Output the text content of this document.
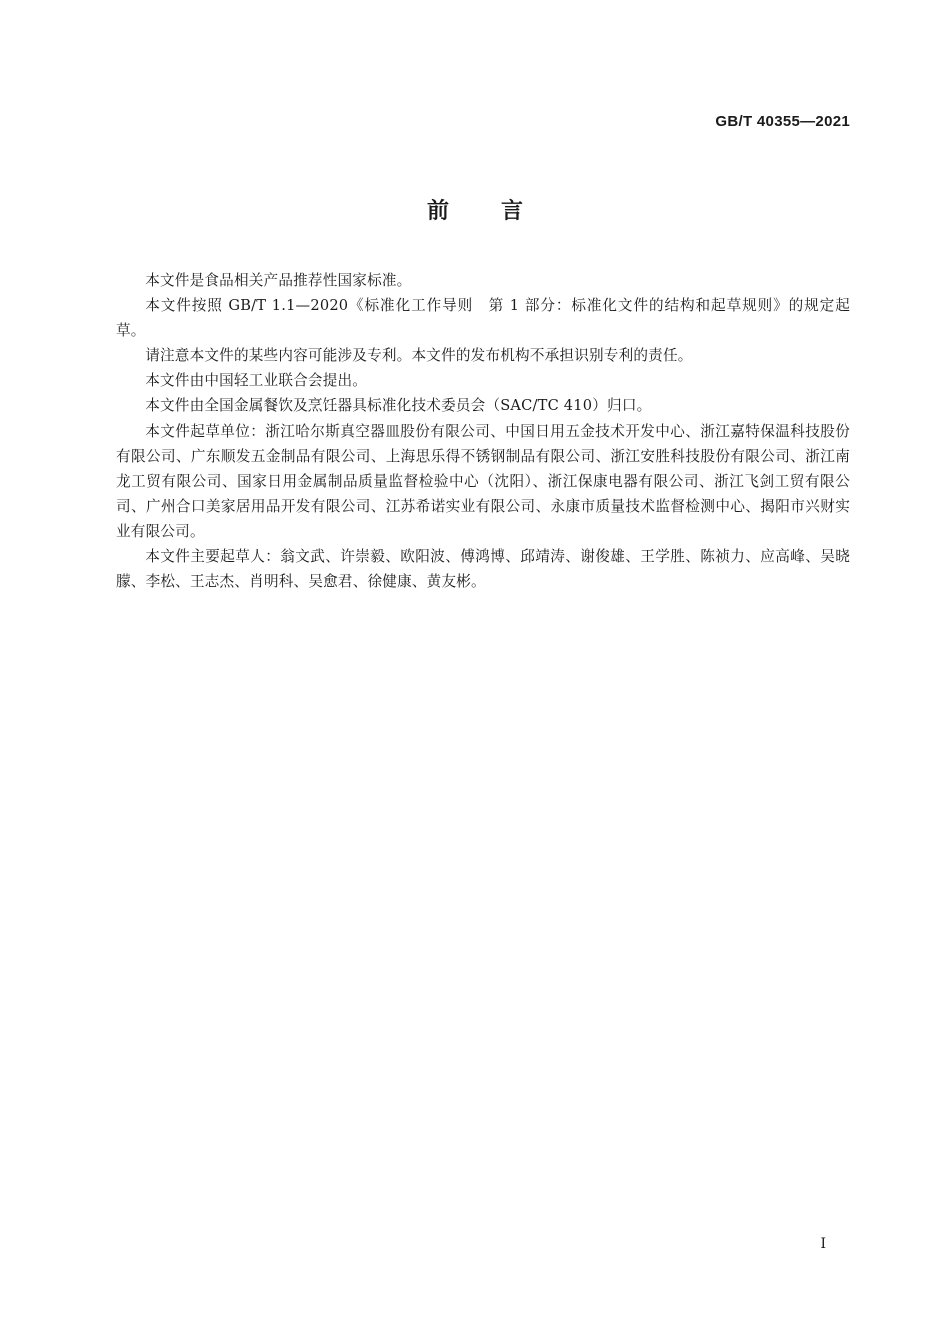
GB/T 40355—2021
前言

本文件是食品相关产品推荐性国家标准。

本文件按照 GB/T 1.1—2020《标准化工作导则　第 1 部分：标准化文件的结构和起草规则》的规定起草。

请注意本文件的某些内容可能涉及专利。本文件的发布机构不承担识别专利的责任。

本文件由中国轻工业联合会提出。

本文件由全国金属餐饮及烹饪器具标准化技术委员会（SAC/TC 410）归口。

本文件起草单位：浙江哈尔斯真空器皿股份有限公司、中国日用五金技术开发中心、浙江嘉特保温科技股份有限公司、广东顺发五金制品有限公司、上海思乐得不锈钢制品有限公司、浙江安胜科技股份有限公司、浙江南龙工贸有限公司、国家日用金属制品质量监督检验中心（沈阳）、浙江保康电器有限公司、浙江飞剑工贸有限公司、广州合口美家居用品开发有限公司、江苏希诺实业有限公司、永康市质量技术监督检测中心、揭阳市兴财实业有限公司。

本文件主要起草人：翁文武、许崇毅、欧阳波、傅鸿博、邱靖涛、谢俊雄、王学胜、陈祯力、应高峰、吴晓朦、李松、王志杰、肖明科、吴愈君、徐健康、黄友彬。

I
